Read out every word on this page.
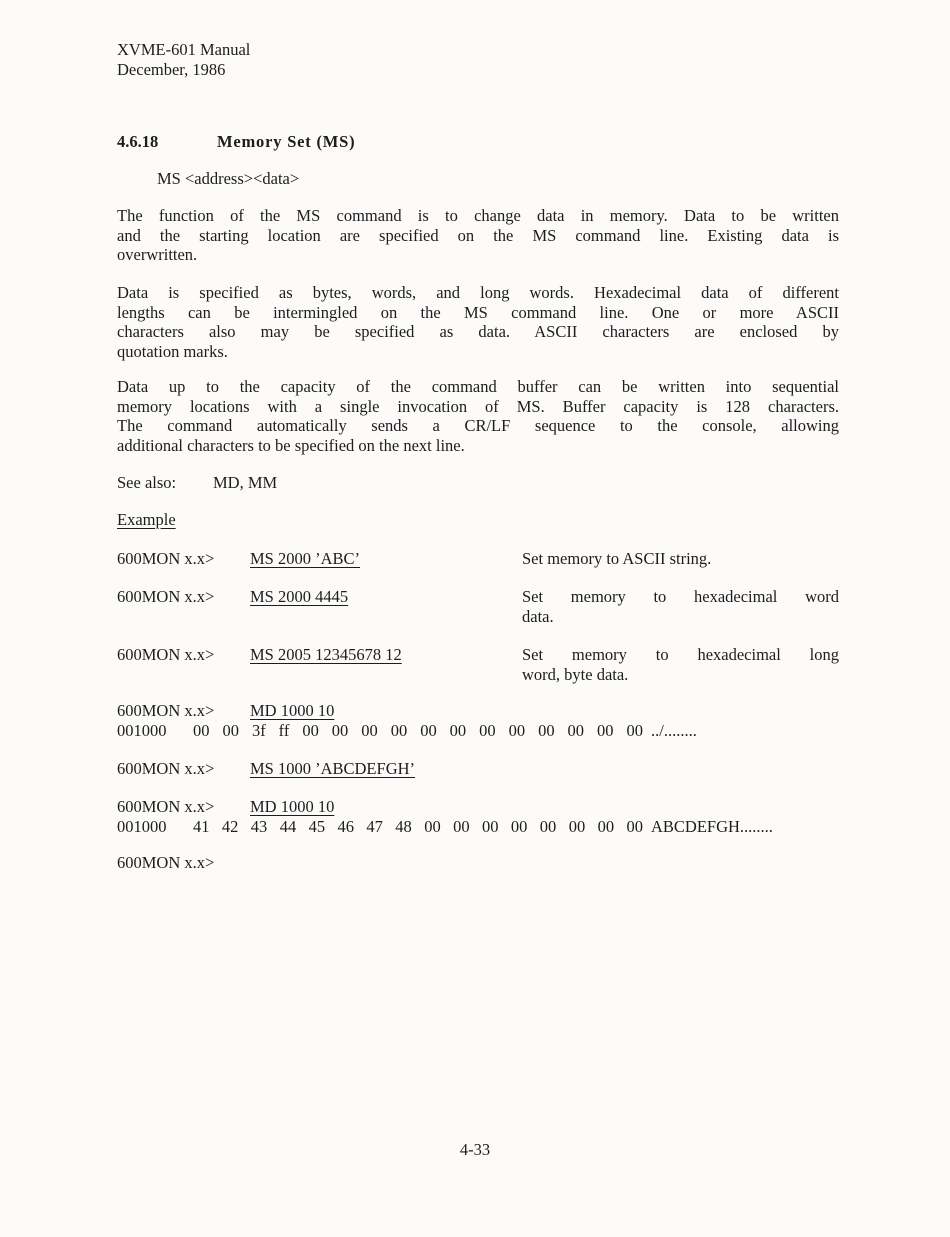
XVME-601 Manual
December, 1986
4.6.18	Memory Set (MS)
MS <address><data>
The function of the MS command is to change data in memory. Data to be written
and the starting location are specified on the MS command line. Existing data is
overwritten.
Data is specified as bytes, words, and long words. Hexadecimal data of different
lengths can be intermingled on the MS command line. One or more ASCII
characters also may be specified as data. ASCII characters are enclosed by
quotation marks.
Data up to the capacity of the command buffer can be written into sequential
memory locations with a single invocation of MS. Buffer capacity is 128 characters.
The command automatically sends a CR/LF sequence to the console, allowing
additional characters to be specified on the next line.
See also: MD, MM
Example
600MON x.x> MS 2000 ’ABC’	Set memory to ASCII string.
600MON x.x> MS 2000 4445	Set memory to hexadecimal word
data.
600MON x.x> MS 2005 12345678 12	Set memory to hexadecimal long
word, byte data.
600MON x.x> MD 1000 10
001000	00 00 3f ff 00 00 00 00 00 00 00 00 00 00 00 00 ../........
600MON x.x> MS 1000 ’ABCDEFGH’
600MON x.x> MD 1000 10
001000	41 42 43 44 45 46 47 48 00 00 00 00 00 00 00 00 ABCDEFGH........
600MON x.x>
4-33
